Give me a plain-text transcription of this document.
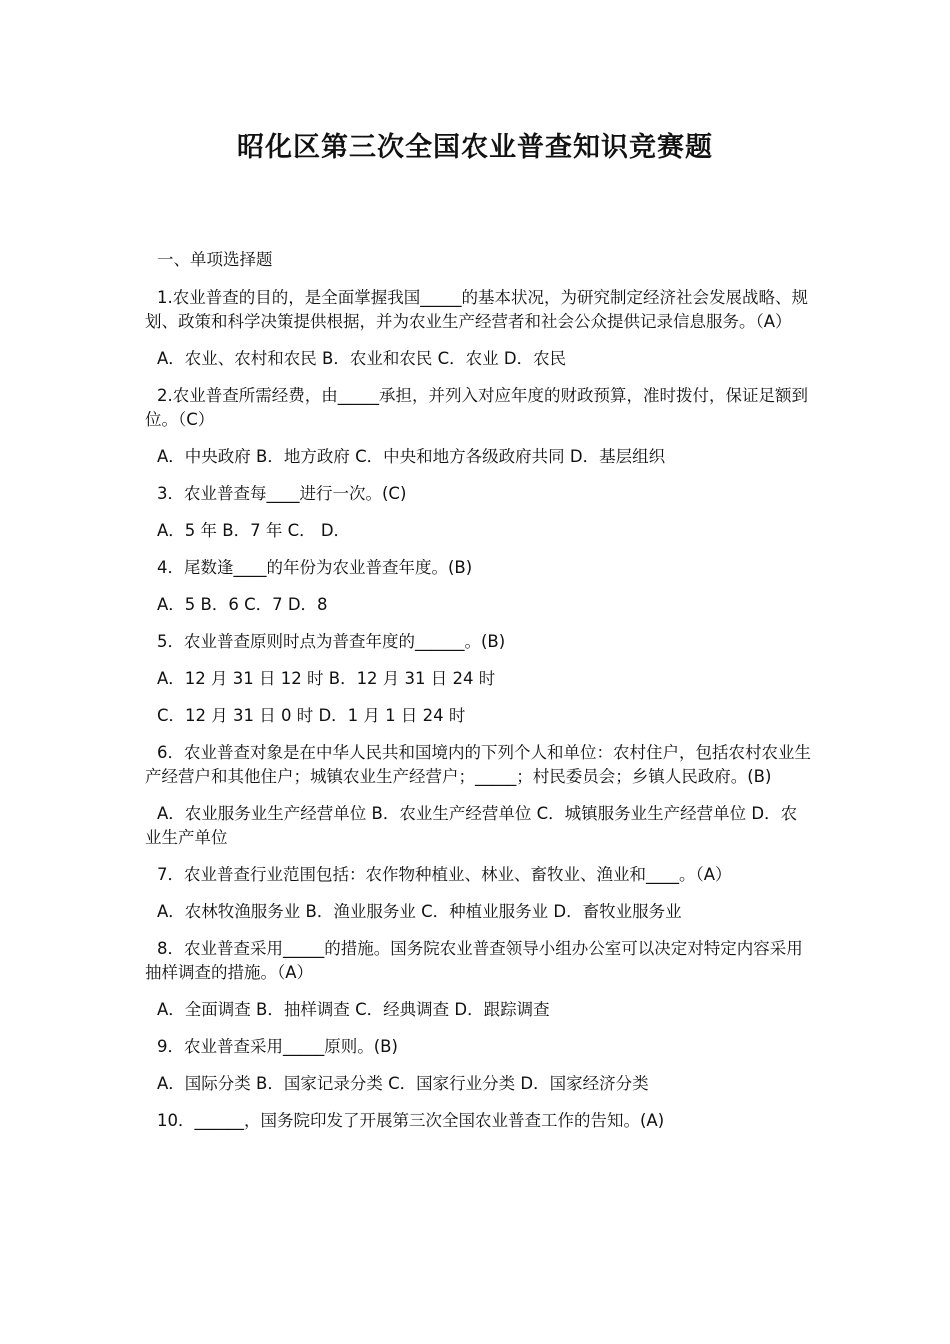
昭化区第三次全国农业普查知识竞赛题

一、单项选择题

1.农业普查的目的，是全面掌握我国_____的基本状况，为研究制定经济社会发展战略、规划、政策和科学决策提供根据，并为农业生产经营者和社会公众提供记录信息服务。（A）

A．农业、农村和农民 B．农业和农民 C．农业 D．农民

2.农业普查所需经费，由_____承担，并列入对应年度的财政预算，准时拨付，保证足额到位。（C）

A．中央政府 B．地方政府 C．中央和地方各级政府共同 D．基层组织

3．农业普查每____进行一次。(C)

A．5 年 B．7 年 C． D．

4．尾数逢____的年份为农业普查年度。(B)

A．5 B．6 C．7 D．8

5．农业普查原则时点为普查年度的______。(B)

A．12 月 31 日 12 时 B．12 月 31 日 24 时

C．12 月 31 日 0 时 D．1 月 1 日 24 时

6．农业普查对象是在中华人民共和国境内的下列个人和单位：农村住户，包括农村农业生产经营户和其他住户；城镇农业生产经营户；_____；村民委员会；乡镇人民政府。(B)

A．农业服务业生产经营单位 B．农业生产经营单位 C．城镇服务业生产经营单位 D．农业生产单位

7．农业普查行业范围包括：农作物种植业、林业、畜牧业、渔业和____。（A）

A．农林牧渔服务业 B．渔业服务业 C．种植业服务业 D．畜牧业服务业

8．农业普查采用_____的措施。国务院农业普查领导小组办公室可以决定对特定内容采用抽样调查的措施。（A）

A．全面调查 B．抽样调查 C．经典调查 D．跟踪调查

9．农业普查采用_____原则。(B)

A．国际分类 B．国家记录分类 C．国家行业分类 D．国家经济分类

10．______，国务院印发了开展第三次全国农业普查工作的告知。(A)
